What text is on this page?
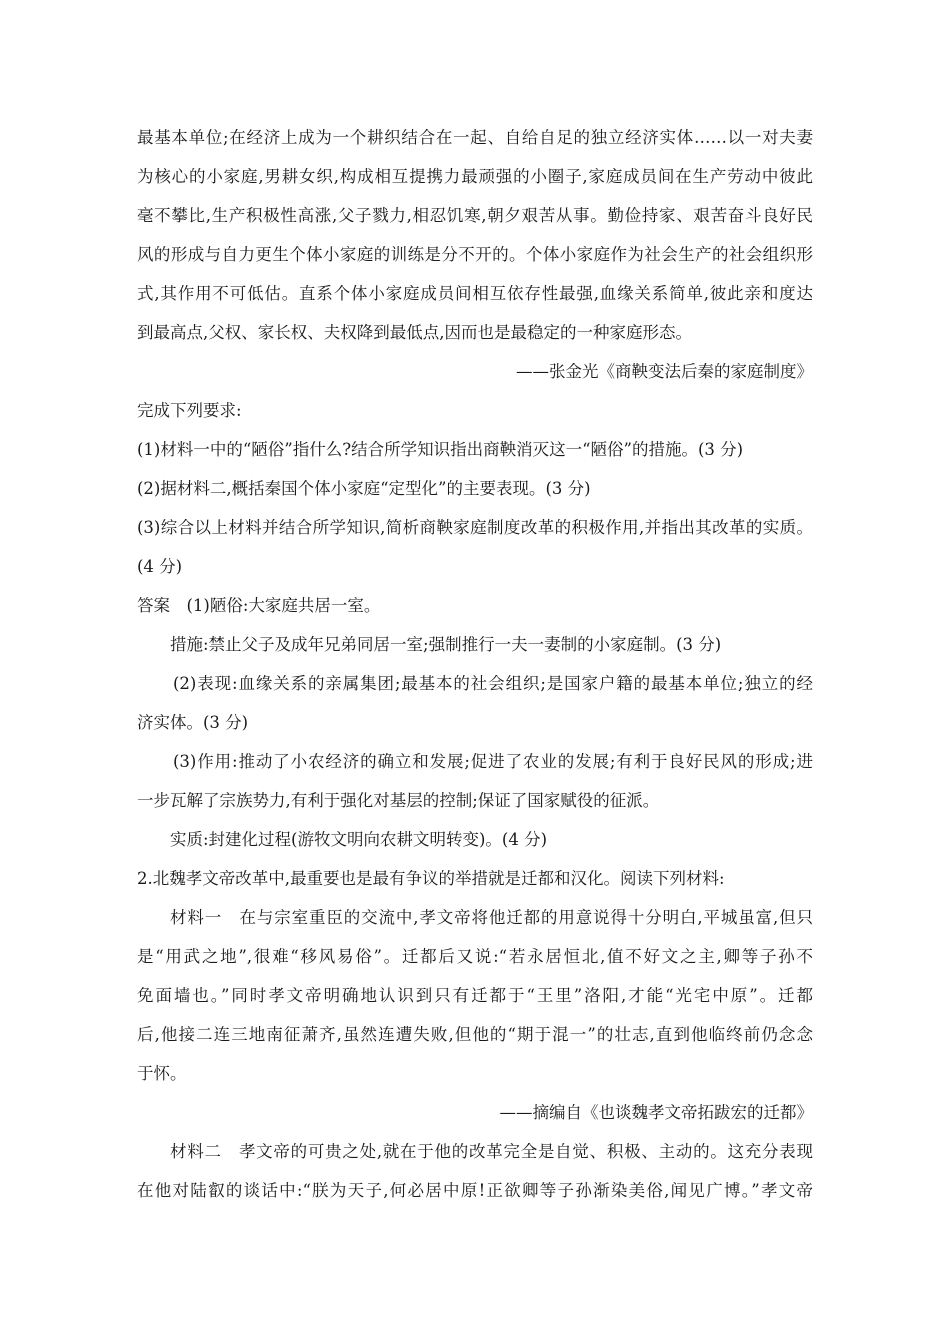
最基本单位;在经济上成为一个耕织结合在一起、自给自足的独立经济实体……以一对夫妻
为核心的小家庭,男耕女织,构成相互提携力最顽强的小圈子,家庭成员间在生产劳动中彼此
毫不攀比,生产积极性高涨,父子戮力,相忍饥寒,朝夕艰苦从事。勤俭持家、艰苦奋斗良好民
风的形成与自力更生个体小家庭的训练是分不开的。个体小家庭作为社会生产的社会组织形
式,其作用不可低估。直系个体小家庭成员间相互依存性最强,血缘关系简单,彼此亲和度达
到最高点,父权、家长权、夫权降到最低点,因而也是最稳定的一种家庭形态。
——张金光《商鞅变法后秦的家庭制度》
完成下列要求:
(1)材料一中的“陋俗”指什么?结合所学知识指出商鞅消灭这一“陋俗”的措施。(3 分)
(2)据材料二,概括秦国个体小家庭“定型化”的主要表现。(3 分)
(3)综合以上材料并结合所学知识,简析商鞅家庭制度改革的积极作用,并指出其改革的实质。
(4 分)
答案　(1)陋俗:大家庭共居一室。
措施:禁止父子及成年兄弟同居一室;强制推行一夫一妻制的小家庭制。(3 分)
(2)表现:血缘关系的亲属集团;最基本的社会组织;是国家户籍的最基本单位;独立的经
济实体。(3 分)
(3)作用:推动了小农经济的确立和发展;促进了农业的发展;有利于良好民风的形成;进
一步瓦解了宗族势力,有利于强化对基层的控制;保证了国家赋役的征派。
实质:封建化过程(游牧文明向农耕文明转变)。(4 分)
2.北魏孝文帝改革中,最重要也是最有争议的举措就是迁都和汉化。阅读下列材料:
材料一　在与宗室重臣的交流中,孝文帝将他迁都的用意说得十分明白,平城虽富,但只
是“用武之地”,很难“移风易俗”。迁都后又说:“若永居恒北,值不好文之主,卿等子孙不
免面墙也。”同时孝文帝明确地认识到只有迁都于“王里”洛阳,才能“光宅中原”。迁都
后,他接二连三地南征萧齐,虽然连遭失败,但他的“期于混一”的壮志,直到他临终前仍念念
于怀。
——摘编自《也谈魏孝文帝拓跋宏的迁都》
材料二　孝文帝的可贵之处,就在于他的改革完全是自觉、积极、主动的。这充分表现
在他对陆叡的谈话中:“朕为天子,何必居中原!正欲卿等子孙渐染美俗,闻见广博。”孝文帝
